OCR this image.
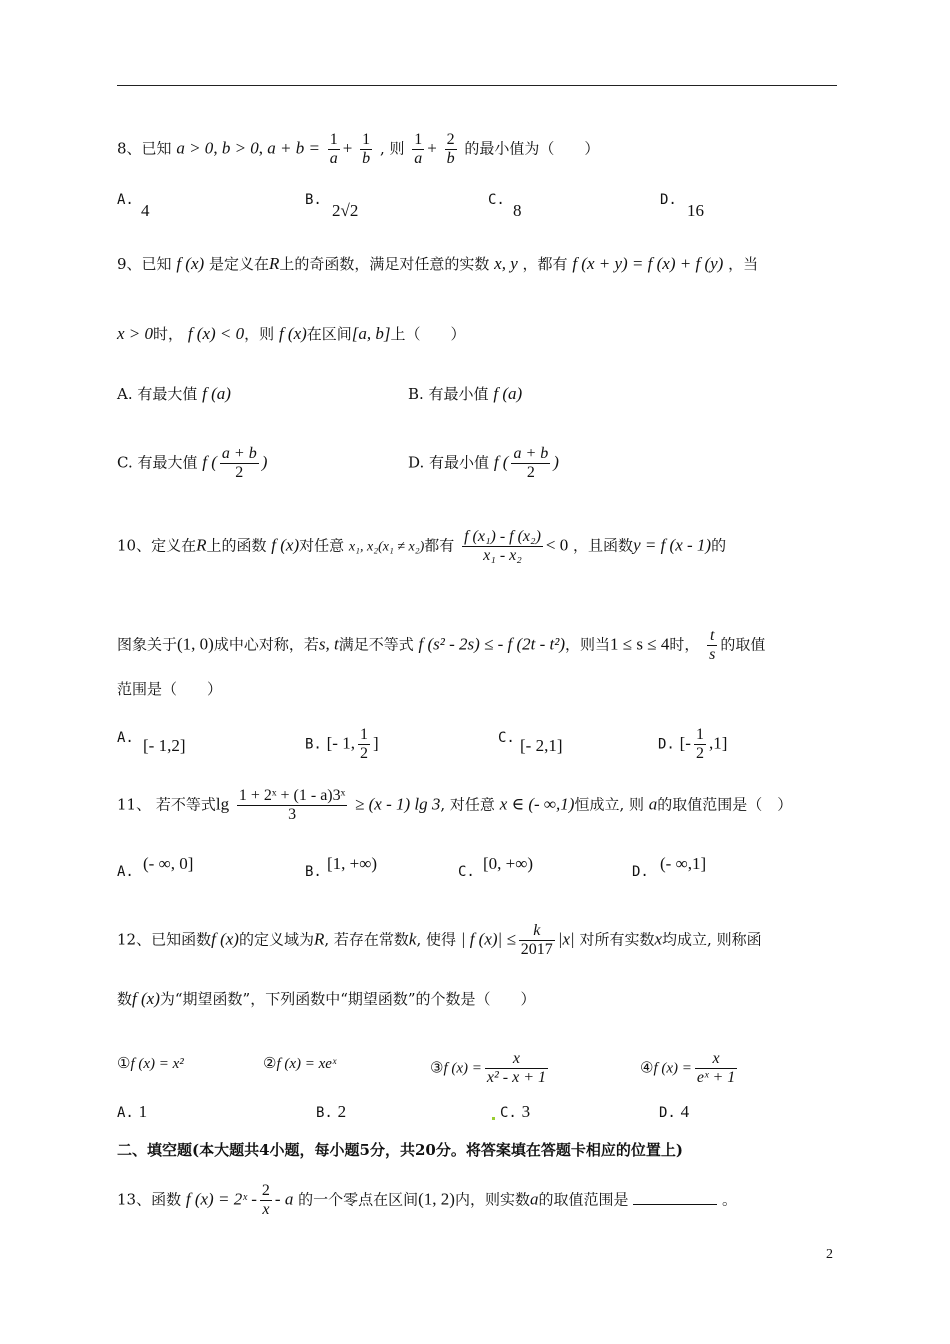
8、已知 a > 0, b > 0, $a + b = \frac{1}{a} + \frac{1}{b}$ , 则 $\frac{1}{a} + \frac{2}{b}$ 的最小值为（　　）
A.
4
B.
2√2
C.
8
D.
16
9、已知 f (x) 是定义在R上的奇函数，满足对任意的实数 x, y ，都有 f (x + y) = f (x) + f (y) ，当
x > 0时， f (x) < 0，则 f (x)在区间[a, b]上（　　）
A. 有最大值 f (a)	B. 有最小值 f (a)
C. 有最大值 f ( $\frac{a + b}{2}$ )	D. 有最小值 f ( $\frac{a + b}{2}$ )
10、定义在R上的函数 f (x)对任意 x₁, x₂(x₁ ≠ x₂)都有 $\frac{\text{f (x₁) - f (x₂)}}{\text{x₁ - x₂}} < 0$ ，且函数y = f (x - 1)的
图象关于(1, 0)成中心对称，若s, t满足不等式 f (s² - 2s) ≤ - f (2t - t²)，则当1 ≤ s ≤ 4时， $\frac{t}{s}$ 的取值
范围是（　　）
A. [- 1,2]	B. [- 1, $\frac{1}{2}$ ]	C. [- 2,1]	D. [- $\frac{1}{2} ,1$]
11、 若不等式$\lg \frac{\text{1 + 2ˣ + (1 - a)3ˣ}}{3} \ge (x - 1)$ lg 3, 对任意 x ∈ (- ∞,1)恒成立, 则 a的取值范围是（　）
A. (- ∞, 0]	B. [1, +∞)	C. [0, +∞)	D. (- ∞,1]
12、已知函数f (x)的定义域为R, 若存在常数k, 使得 | f $(x)| \le \frac{k}{2017} |x|$ 对所有实数x均成立, 则称函
数f (x)为“期望函数”，下列函数中“期望函数”的个数是（　　）
①f (x) = x²	②f (x) = xeˣ	③f $(x) = \frac{x}{\text{x² - x + 1}}$	④f $(x) = \frac{x}{\text{eˣ + 1}}$
A. 1	B. 2	C. 3	D. 4
二、填空题(本大题共4小题，每小题5分，共20分。将答案填在答题卡相应的位置上)
13、函数 f (x) = 2ˣ - $\frac{2}{x}$ - a 的一个零点在区间(1, 2)内，则实数a的取值范围是	。
2
